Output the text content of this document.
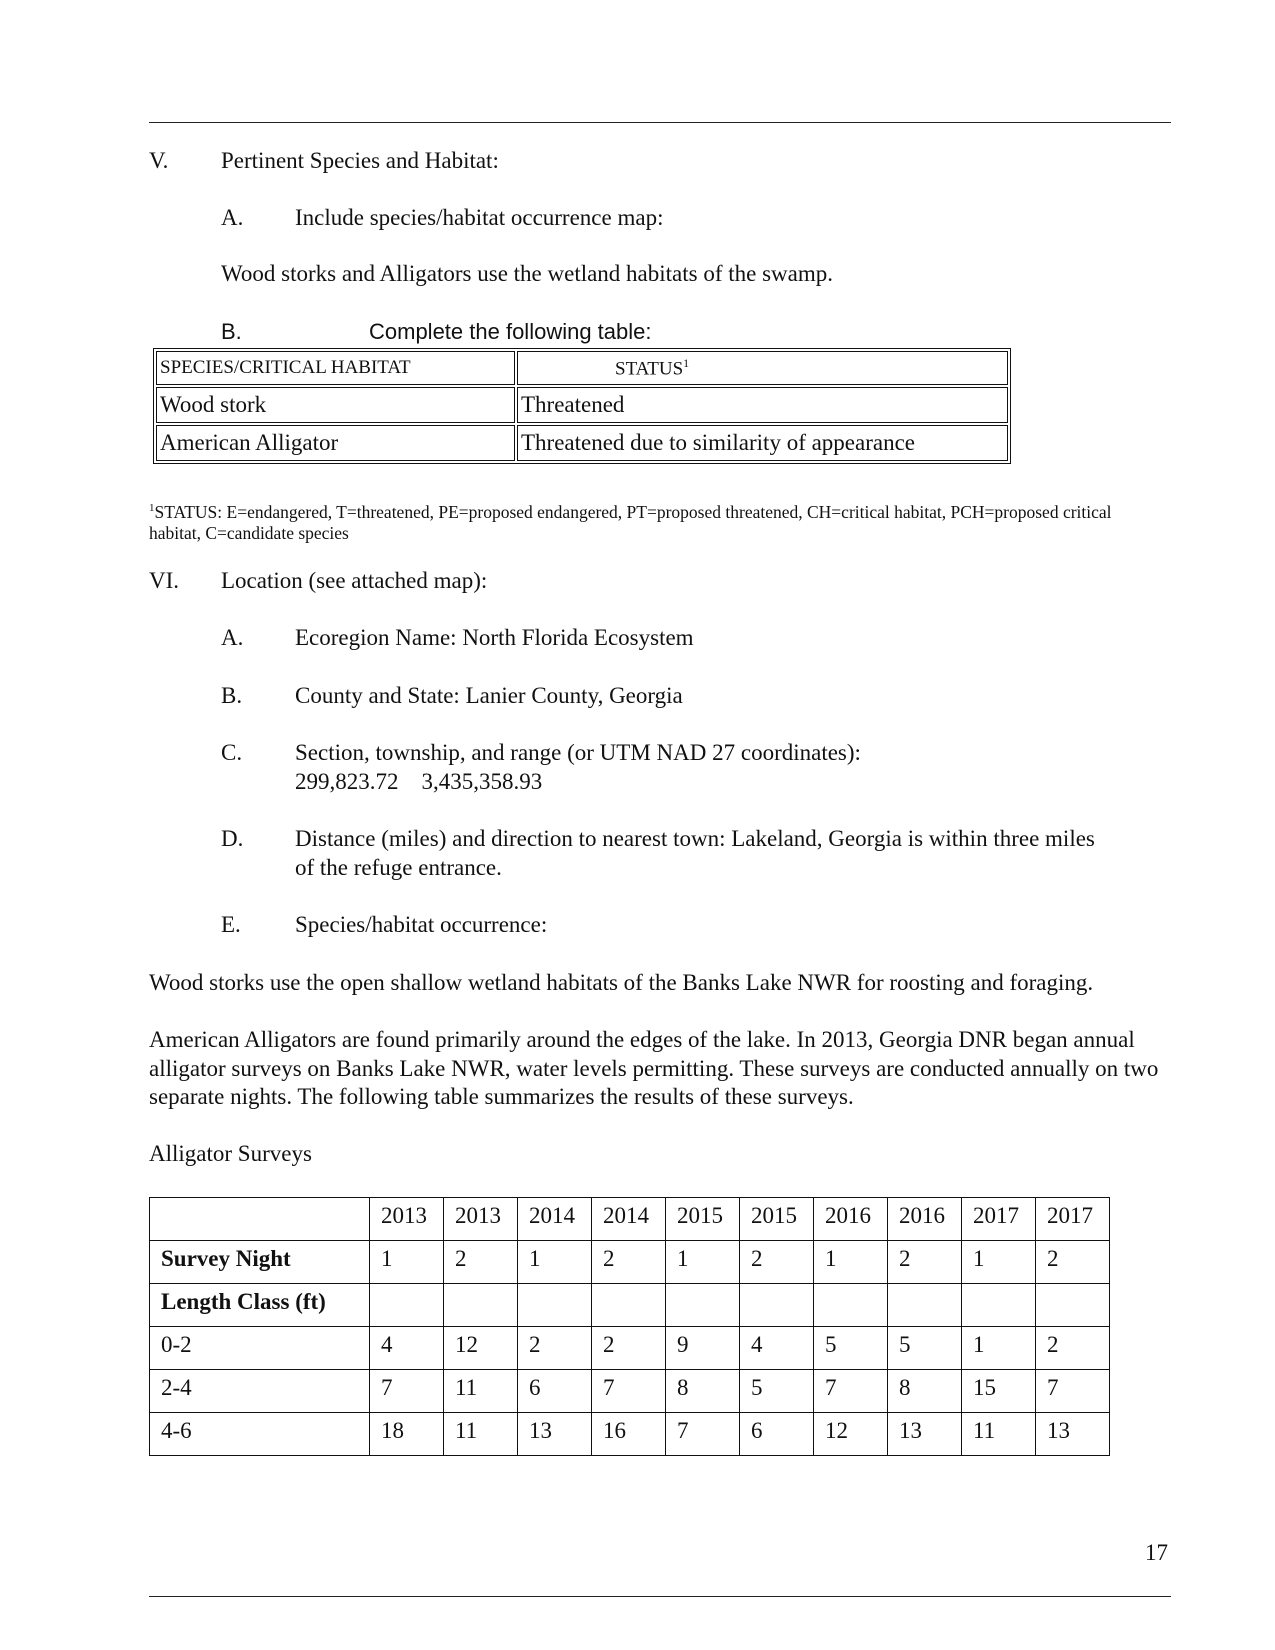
V. Pertinent Species and Habitat:
A. Include species/habitat occurrence map:
Wood storks and Alligators use the wetland habitats of the swamp.
B.	Complete the following table:
SPECIES/CRITICAL HABITAT	STATUS$^1$
Wood stork	Threatened
American Alligator	Threatened due to similarity of appearance
$^1$STATUS: E=endangered, T=threatened, PE=proposed endangered, PT=proposed threatened, CH=critical habitat, PCH=proposed critical habitat, C=candidate species
VI. Location (see attached map):
A. Ecoregion Name: North Florida Ecosystem
B. County and State: Lanier County, Georgia
C. Section, township, and range (or UTM NAD 27 coordinates):
299,823.72    3,435,358.93
D. Distance (miles) and direction to nearest town: Lakeland, Georgia is within three miles
of the refuge entrance.
E. Species/habitat occurrence:
Wood storks use the open shallow wetland habitats of the Banks Lake NWR for roosting and foraging.
American Alligators are found primarily around the edges of the lake. In 2013, Georgia DNR began annual alligator surveys on Banks Lake NWR, water levels permitting. These surveys are conducted annually on two separate nights. The following table summarizes the results of these surveys.
Alligator Surveys
	2013	2013	2014	2014	2015	2015	2016	2016	2017	2017
Survey Night	1	2	1	2	1	2	1	2	1	2
Length Class (ft)										
0-2	4	12	2	2	9	4	5	5	1	2
2-4	7	11	6	7	8	5	7	8	15	7
4-6	18	11	13	16	7	6	12	13	11	13
17
